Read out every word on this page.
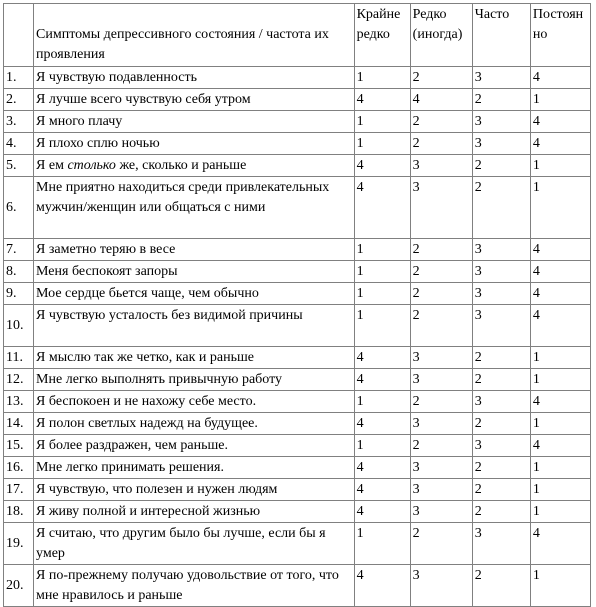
	Симптомы депрессивного состояния / частота их проявления	Крайне редко	Редко (иногда)	Часто	Постоянно
1.	Я чувствую подавленность	1	2	3	4
2.	Я лучше всего чувствую себя утром	4	4	2	1
3.	Я много плачу	1	2	3	4
4.	Я плохо сплю ночью	1	2	3	4
5.	Я ем столько же, сколько и раньше	4	3	2	1
6.	Мне приятно находиться среди привлекательных мужчин/женщин или общаться с ними	4	3	2	1
7.	Я заметно теряю в весе	1	2	3	4
8.	Меня беспокоят запоры	1	2	3	4
9.	Мое сердце бьется чаще, чем обычно	1	2	3	4
10.	Я чувствую усталость без видимой причины	1	2	3	4
11.	Я мыслю так же четко, как и раньше	4	3	2	1
12.	Мне легко выполнять привычную работу	4	3	2	1
13.	Я беспокоен и не нахожу себе место.	1	2	3	4
14.	Я полон светлых надежд на будущее.	4	3	2	1
15.	Я более раздражен, чем раньше.	1	2	3	4
16.	Мне легко принимать решения.	4	3	2	1
17.	Я чувствую, что полезен и нужен людям	4	3	2	1
18.	Я живу полной и интересной жизнью	4	3	2	1
19.	Я считаю, что другим было бы лучше, если бы я умер	1	2	3	4
20.	Я по-прежнему получаю удовольствие от того, что мне нравилось и раньше	4	3	2	1
